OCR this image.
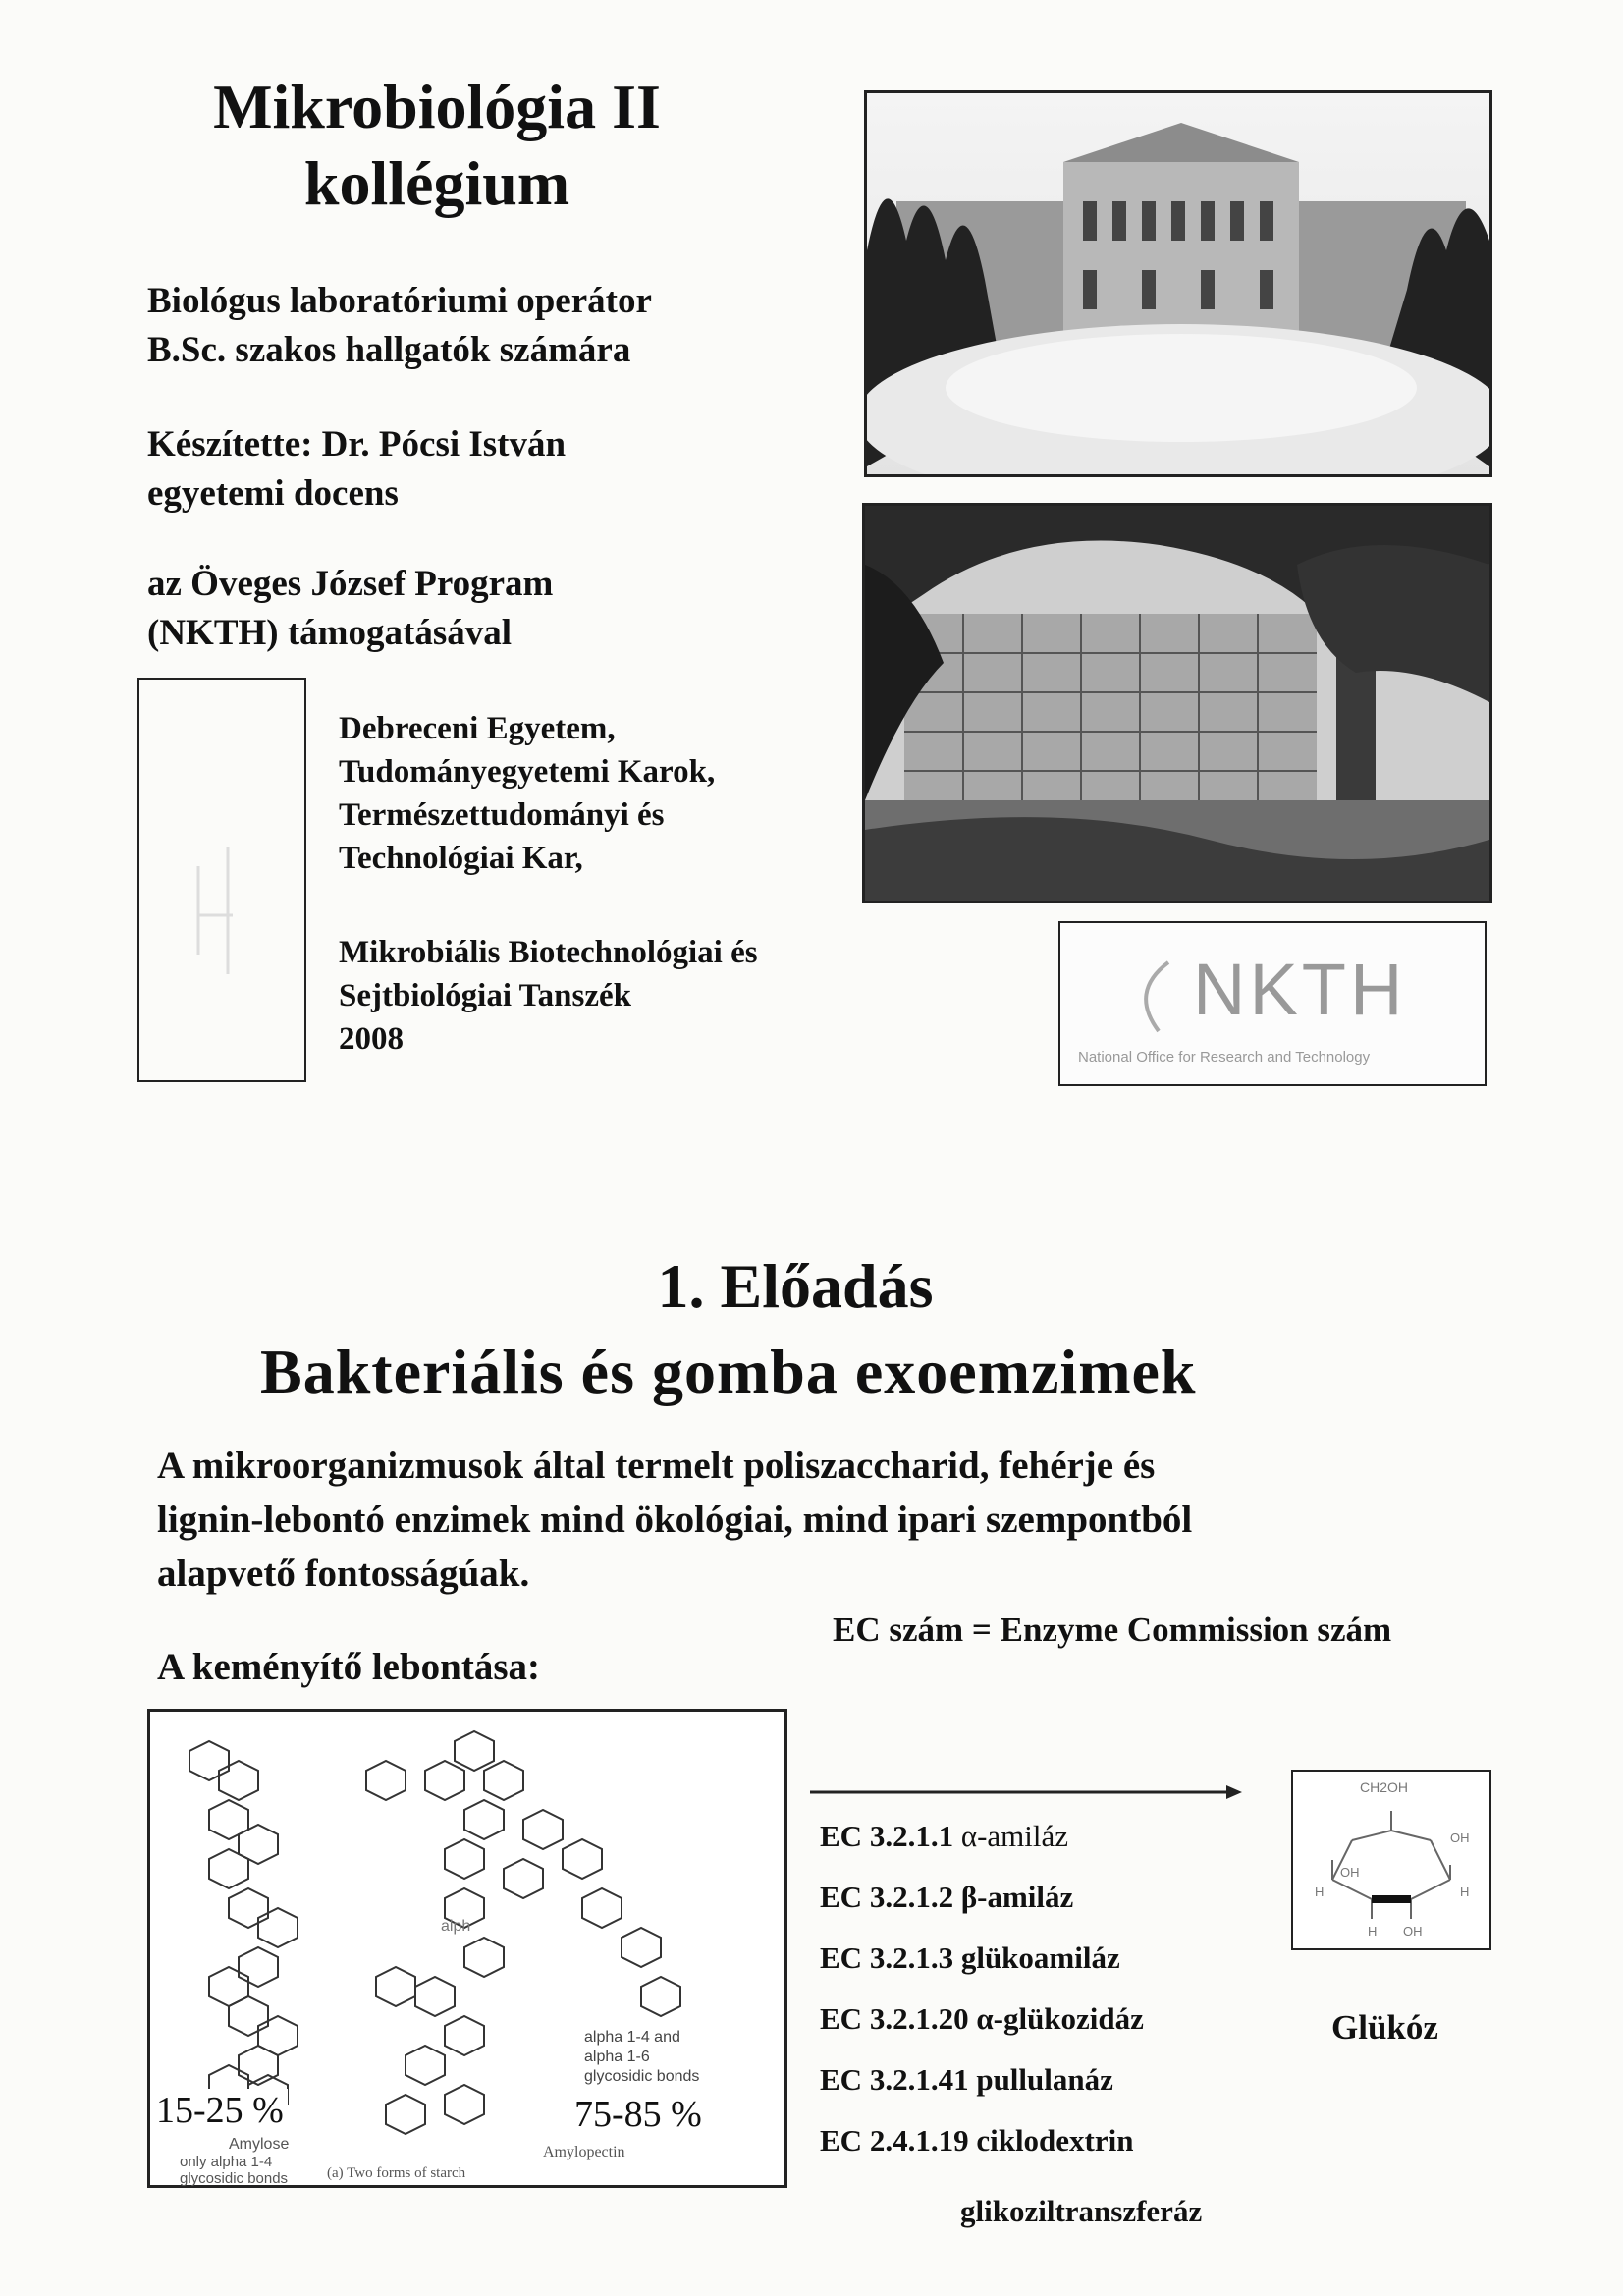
Mikrobiológia II
kollégium
Biológus laboratóriumi operátor
B.Sc. szakos hallgatók számára
Készítette: Dr. Pócsi István
egyetemi docens
az Öveges József Program
(NKTH) támogatásával
Debreceni Egyetem,
Tudományegyetemi Karok,
Természettudományi és
Technológiai Kar,
Mikrobiális Biotechnológiai és
Sejtbiológiai Tanszék
2008
NKTH
National Office for Research and Technology
1. Előadás
Bakteriális és gomba exoemzimek
A mikroorganizmusok által termelt poliszaccharid, fehérje és
lignin-lebontó enzimek mind ökológiai, mind ipari szempontból
alapvető fontosságúak.
EC szám = Enzyme Commission szám
A keményítő lebontása:
alph
alpha 1-4 and
alpha 1-6
glycosidic bonds
15-25 %	75-85 %
Amylose
only alpha 1-4
glycosidic bonds
Amylopectin
(a) Two forms of starch
EC 3.2.1.1 α-amiláz
EC 3.2.1.2 β-amiláz
EC 3.2.1.3 glükoamiláz
EC 3.2.1.20 α-glükozidáz
EC 3.2.1.41 pullulanáz
EC 2.4.1.19 ciklodextrin
glikoziltranszferáz
CH2OH
OH
OH
OH
H	H
H
Glükóz
